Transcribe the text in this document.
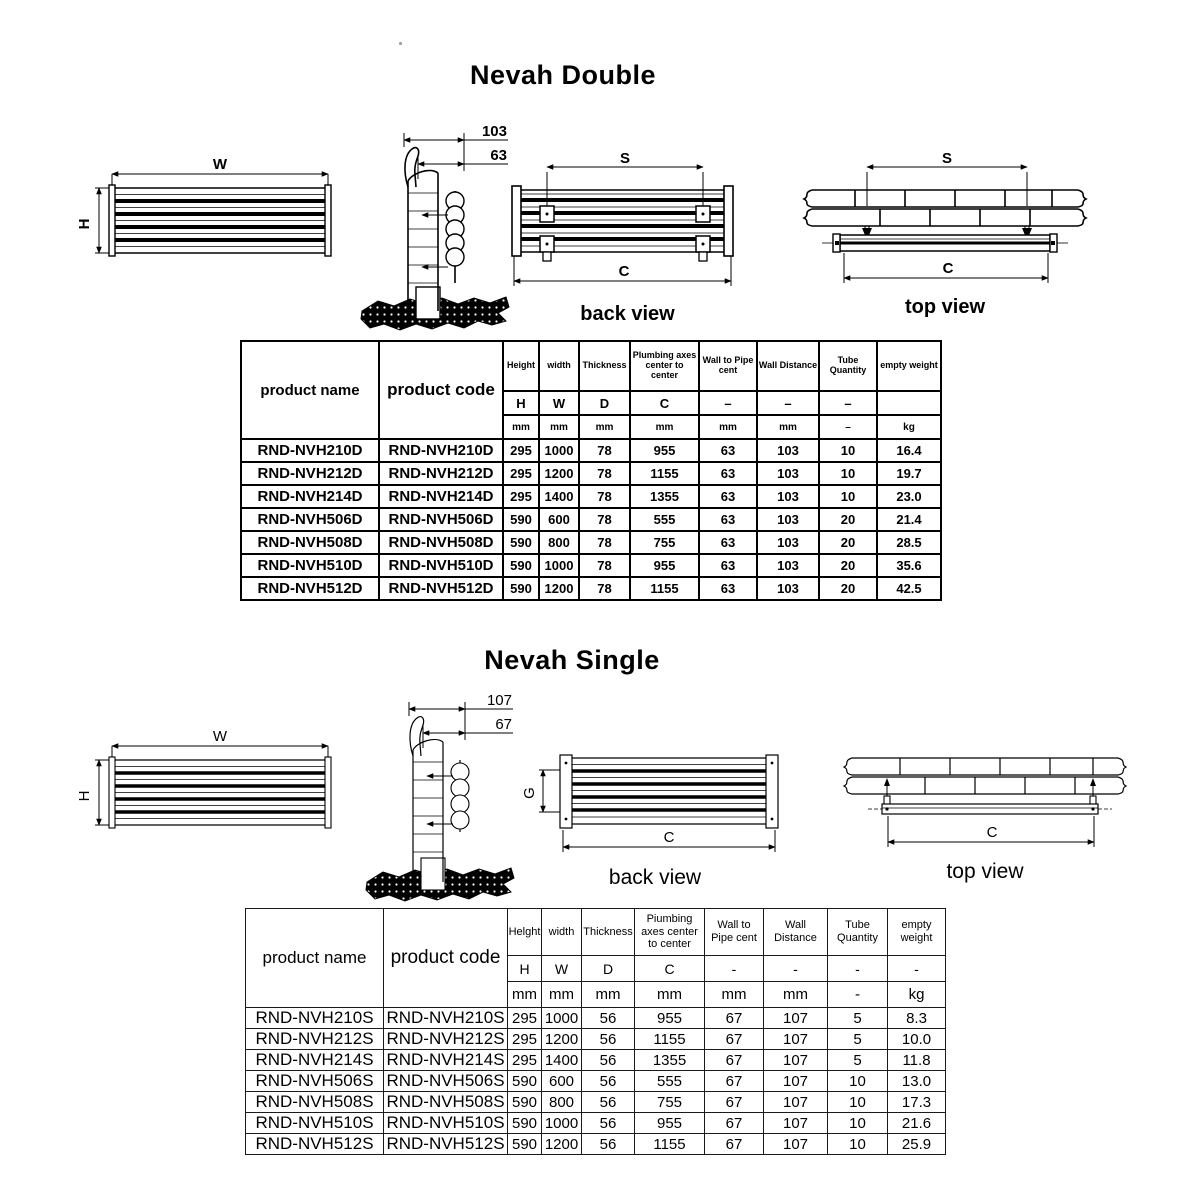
Nevah Double
W
H
103
63	S
C
back view
S
C
top view
product name	product code	Height	width	Thickness	Plumbing axes center to center	Wall to Pipe cent	Wall Distance	Tube Quantity	empty weight
		H	W	D	C	–	–	–	
		mm	mm	mm	mm	mm	mm	–	kg
RND-NVH210D	RND-NVH210D	295	1000	78	955	63	103	10	16.4
RND-NVH212D	RND-NVH212D	295	1200	78	1155	63	103	10	19.7
RND-NVH214D	RND-NVH214D	295	1400	78	1355	63	103	10	23.0
RND-NVH506D	RND-NVH506D	590	600	78	555	63	103	20	21.4
RND-NVH508D	RND-NVH508D	590	800	78	755	63	103	20	28.5
RND-NVH510D	RND-NVH510D	590	1000	78	955	63	103	20	35.6
RND-NVH512D	RND-NVH512D	590	1200	78	1155	63	103	20	42.5
Nevah Single
W
H
107
67
G
C
back view
C
top view
product name	product code	Helght	width	Thickness	Piumbing axes center to center	Wall to Pipe cent	Wall Distance	Tube Quantity	empty weight
		H	W	D	C	-	-	-	-
		mm	mm	mm	mm	mm	mm	-	kg
RND-NVH210S	RND-NVH210S	295	1000	56	955	67	107	5	8.3
RND-NVH212S	RND-NVH212S	295	1200	56	1155	67	107	5	10.0
RND-NVH214S	RND-NVH214S	295	1400	56	1355	67	107	5	11.8
RND-NVH506S	RND-NVH506S	590	600	56	555	67	107	10	13.0
RND-NVH508S	RND-NVH508S	590	800	56	755	67	107	10	17.3
RND-NVH510S	RND-NVH510S	590	1000	56	955	67	107	10	21.6
RND-NVH512S	RND-NVH512S	590	1200	56	1155	67	107	10	25.9
